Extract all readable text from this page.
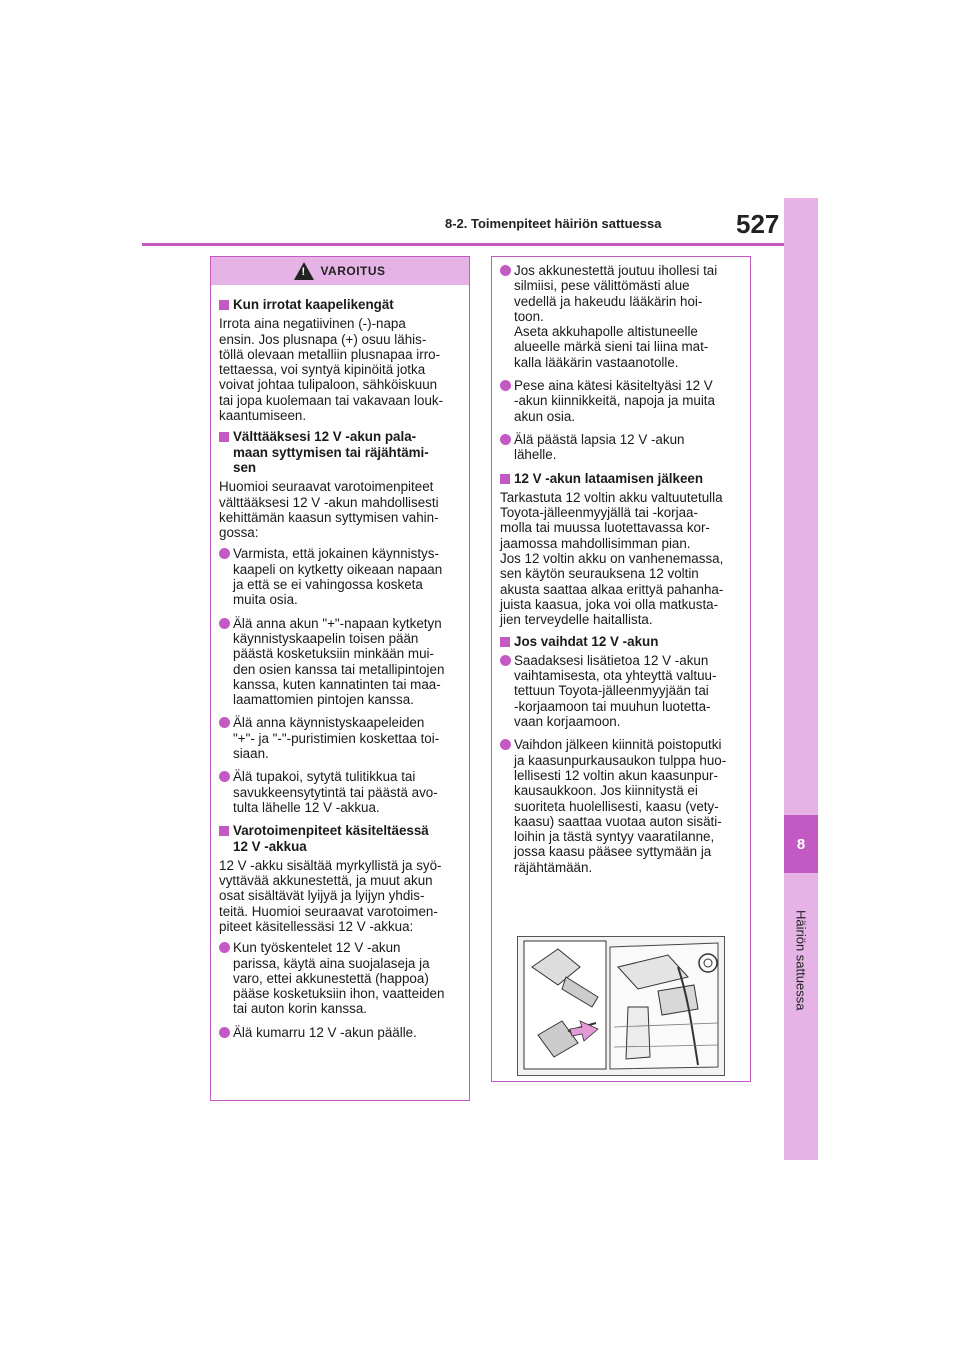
8-2. Toimenpiteet häiriön sattuessa	527
8
Häiriön sattuessa
!
VAROITUS
Kun irrotat kaapelikengät
Irrota aina negatiivinen (-)-napa
ensin. Jos plusnapa (+) osuu lähis-
töllä olevaan metalliin plusnapaa irro-
tettaessa, voi syntyä kipinöitä jotka
voivat johtaa tulipaloon, sähköiskuun
tai jopa kuolemaan tai vakavaan louk-
kaantumiseen.
Välttääksesi 12 V -akun pala-
maan syttymisen tai räjähtämi-
sen
Huomioi seuraavat varotoimenpiteet
välttääksesi 12 V -akun mahdollisesti
kehittämän kaasun syttymisen vahin-
gossa:
Varmista, että jokainen käynnistys-
kaapeli on kytketty oikeaan napaan
ja että se ei vahingossa kosketa
muita osia.
Älä anna akun "+"-napaan kytketyn
käynnistyskaapelin toisen pään
päästä kosketuksiin minkään mui-
den osien kanssa tai metallipintojen
kanssa, kuten kannatinten tai maa-
laamattomien pintojen kanssa.
Älä anna käynnistyskaapeleiden
"+"- ja "-"-puristimien koskettaa toi-
siaan.
Älä tupakoi, sytytä tulitikkua tai
savukkeensytytintä tai päästä avo-
tulta lähelle 12 V -akkua.
Varotoimenpiteet käsiteltäessä
12 V -akkua
12 V -akku sisältää myrkyllistä ja syö-
vyttävää akkunestettä, ja muut akun
osat sisältävät lyijyä ja lyijyn yhdis-
teitä. Huomioi seuraavat varotoimen-
piteet käsitellessäsi 12 V -akkua:
Kun työskentelet 12 V -akun
parissa, käytä aina suojalaseja ja
varo, ettei akkunestettä (happoa)
pääse kosketuksiin ihon, vaatteiden
tai auton korin kanssa.
Älä kumarru 12 V -akun päälle.
Jos akkunestettä joutuu ihollesi tai
silmiisi, pese välittömästi alue
vedellä ja hakeudu lääkärin hoi-
toon.
Aseta akkuhapolle altistuneelle
alueelle märkä sieni tai liina mat-
kalla lääkärin vastaanotolle.
Pese aina kätesi käsiteltyäsi 12 V
-akun kiinnikkeitä, napoja ja muita
akun osia.
Älä päästä lapsia 12 V -akun
lähelle.
12 V -akun lataamisen jälkeen
Tarkastuta 12 voltin akku valtuutetulla
Toyota-jälleenmyyjällä tai -korjaa-
molla tai muussa luotettavassa kor-
jaamossa mahdollisimman pian.
Jos 12 voltin akku on vanhenemassa,
sen käytön seurauksena 12 voltin
akusta saattaa alkaa erittyä pahanha-
juista kaasua, joka voi olla matkusta-
jien terveydelle haitallista.
Jos vaihdat 12 V -akun
Saadaksesi lisätietoa 12 V -akun
vaihtamisesta, ota yhteyttä valtuu-
tettuun Toyota-jälleenmyyjään tai
-korjaamoon tai muuhun luotetta-
vaan korjaamoon.
Vaihdon jälkeen kiinnitä poistoputki
ja kaasunpurkausaukon tulppa huo-
lellisesti 12 voltin akun kaasunpur-
kausaukkoon. Jos kiinnitystä ei
suoriteta huolellisesti, kaasu (vety-
kaasu) saattaa vuotaa auton sisäti-
loihin ja tästä syntyy vaaratilanne,
jossa kaasu pääsee syttymään ja
räjähtämään.
